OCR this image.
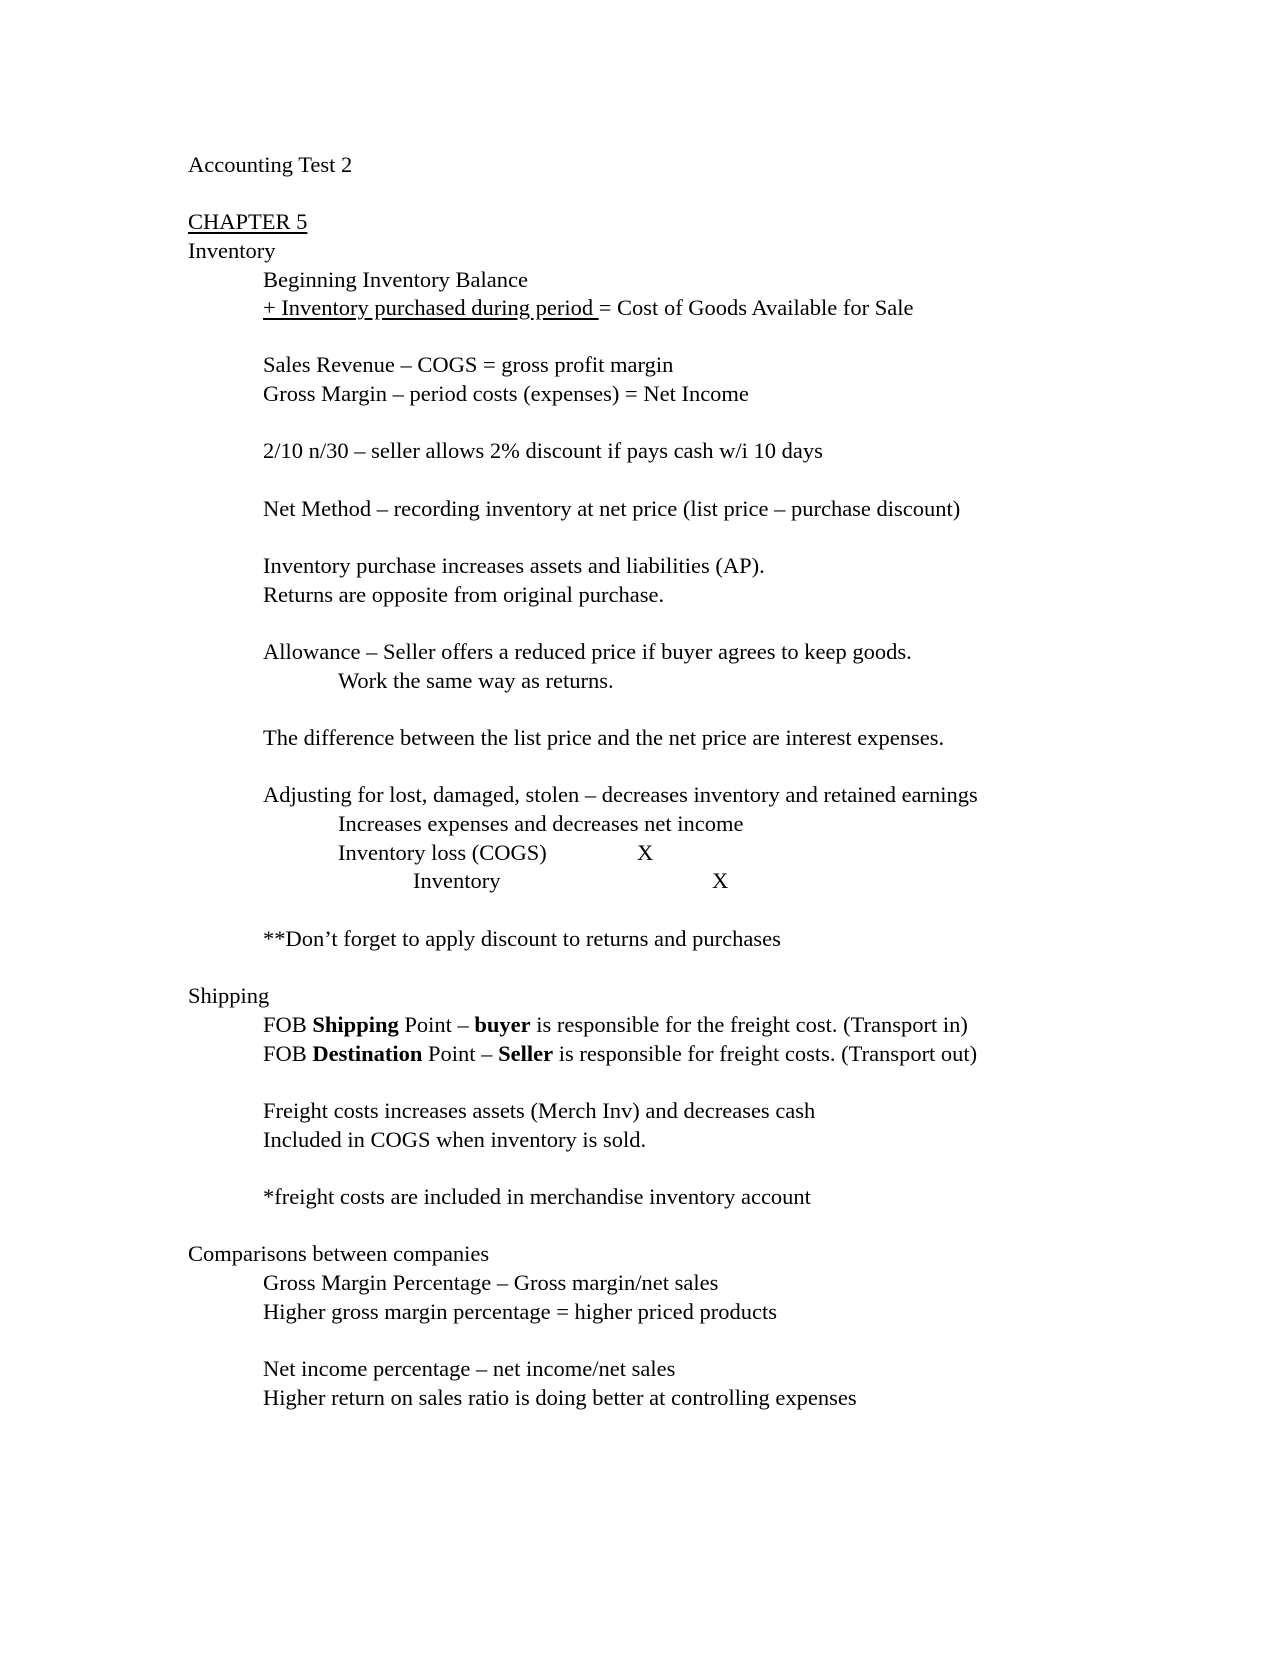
Accounting Test 2
CHAPTER 5
Inventory
Beginning Inventory Balance
+ Inventory purchased during period = Cost of Goods Available for Sale
Sales Revenue – COGS = gross profit margin
Gross Margin – period costs (expenses) = Net Income
2/10 n/30 – seller allows 2% discount if pays cash w/i 10 days
Net Method – recording inventory at net price (list price – purchase discount)
Inventory purchase increases assets and liabilities (AP).
Returns are opposite from original purchase.
Allowance – Seller offers a reduced price if buyer agrees to keep goods.
Work the same way as returns.
The difference between the list price and the net price are interest expenses.
Adjusting for lost, damaged, stolen – decreases inventory and retained earnings
Increases expenses and decreases net income
Inventory loss (COGS)	X
Inventory	X
**Don’t forget to apply discount to returns and purchases
Shipping
FOB Shipping Point – buyer is responsible for the freight cost. (Transport in)
FOB Destination Point – Seller is responsible for freight costs. (Transport out)
Freight costs increases assets (Merch Inv) and decreases cash
Included in COGS when inventory is sold.
*freight costs are included in merchandise inventory account
Comparisons between companies
Gross Margin Percentage – Gross margin/net sales
Higher gross margin percentage = higher priced products
Net income percentage – net income/net sales
Higher return on sales ratio is doing better at controlling expenses
